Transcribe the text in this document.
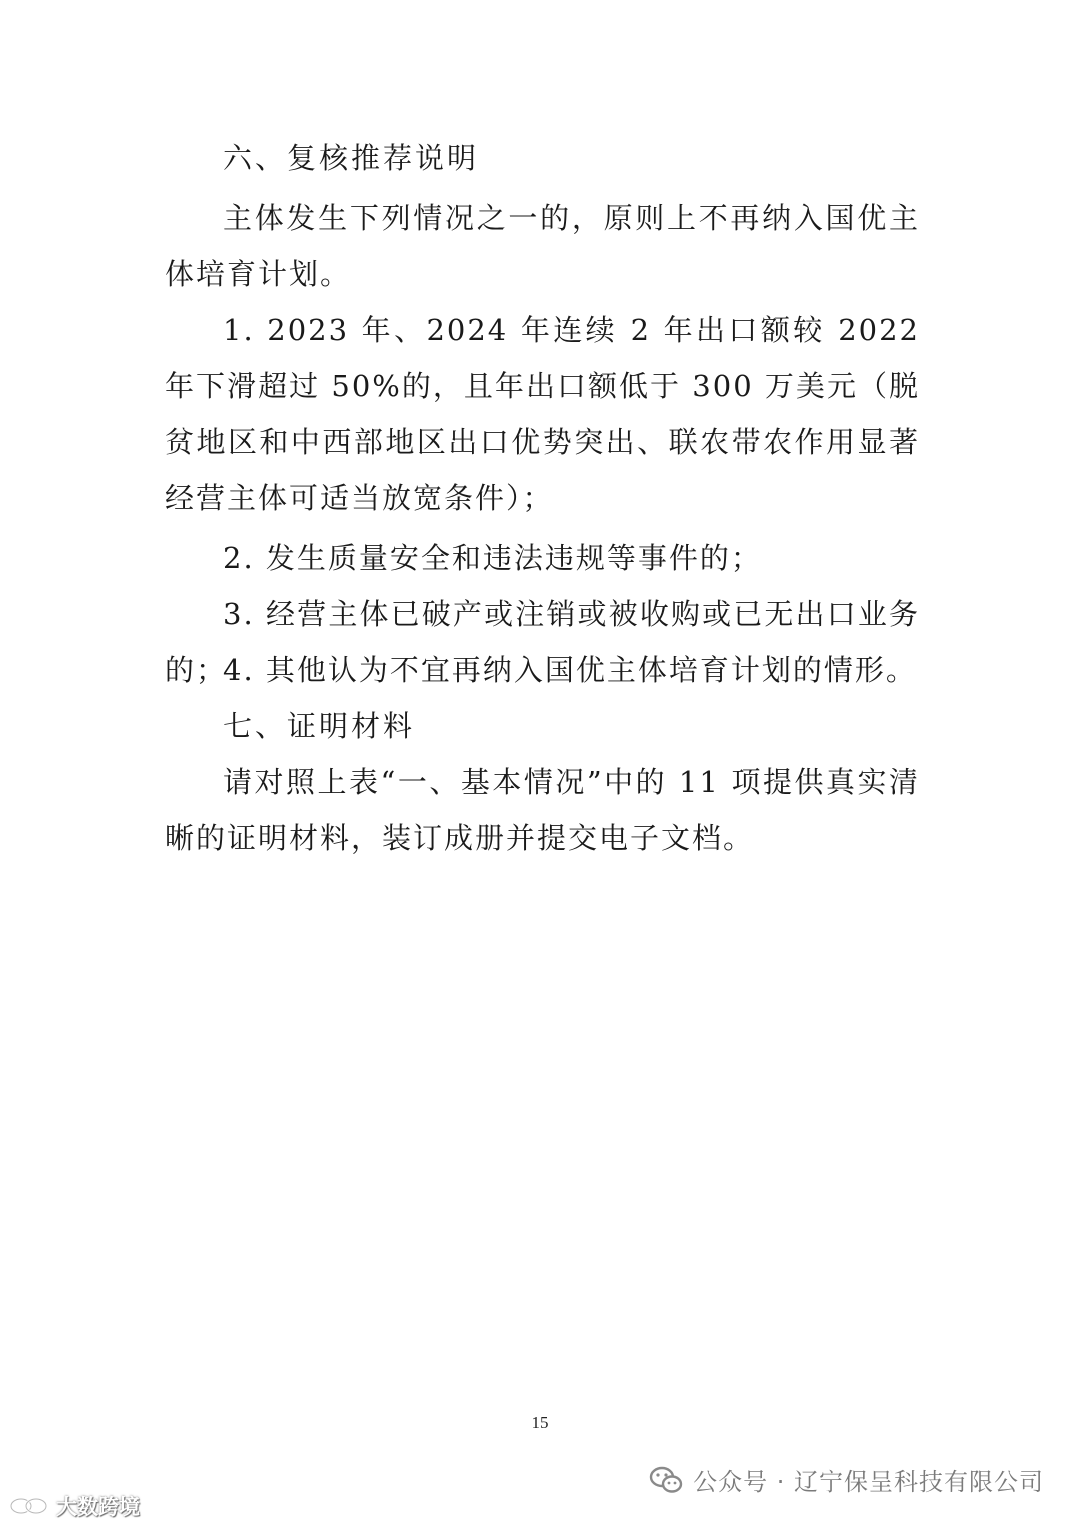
六、复核推荐说明

主体发生下列情况之一的，原则上不再纳入国优主体培育计划。

1. 2023 年、2024 年连续 2 年出口额较 2022 年下滑超过 50%的，且年出口额低于 300 万美元（脱贫地区和中西部地区出口优势突出、联农带农作用显著经营主体可适当放宽条件）；

2. 发生质量安全和违法违规等事件的；

3. 经营主体已破产或注销或被收购或已无出口业务的；

4. 其他认为不宜再纳入国优主体培育计划的情形。

七、证明材料

请对照上表“一、基本情况”中的 11 项提供真实清晰的证明材料，装订成册并提交电子文档。

15
公众号 · 辽宁保呈科技有限公司
大数跨境
